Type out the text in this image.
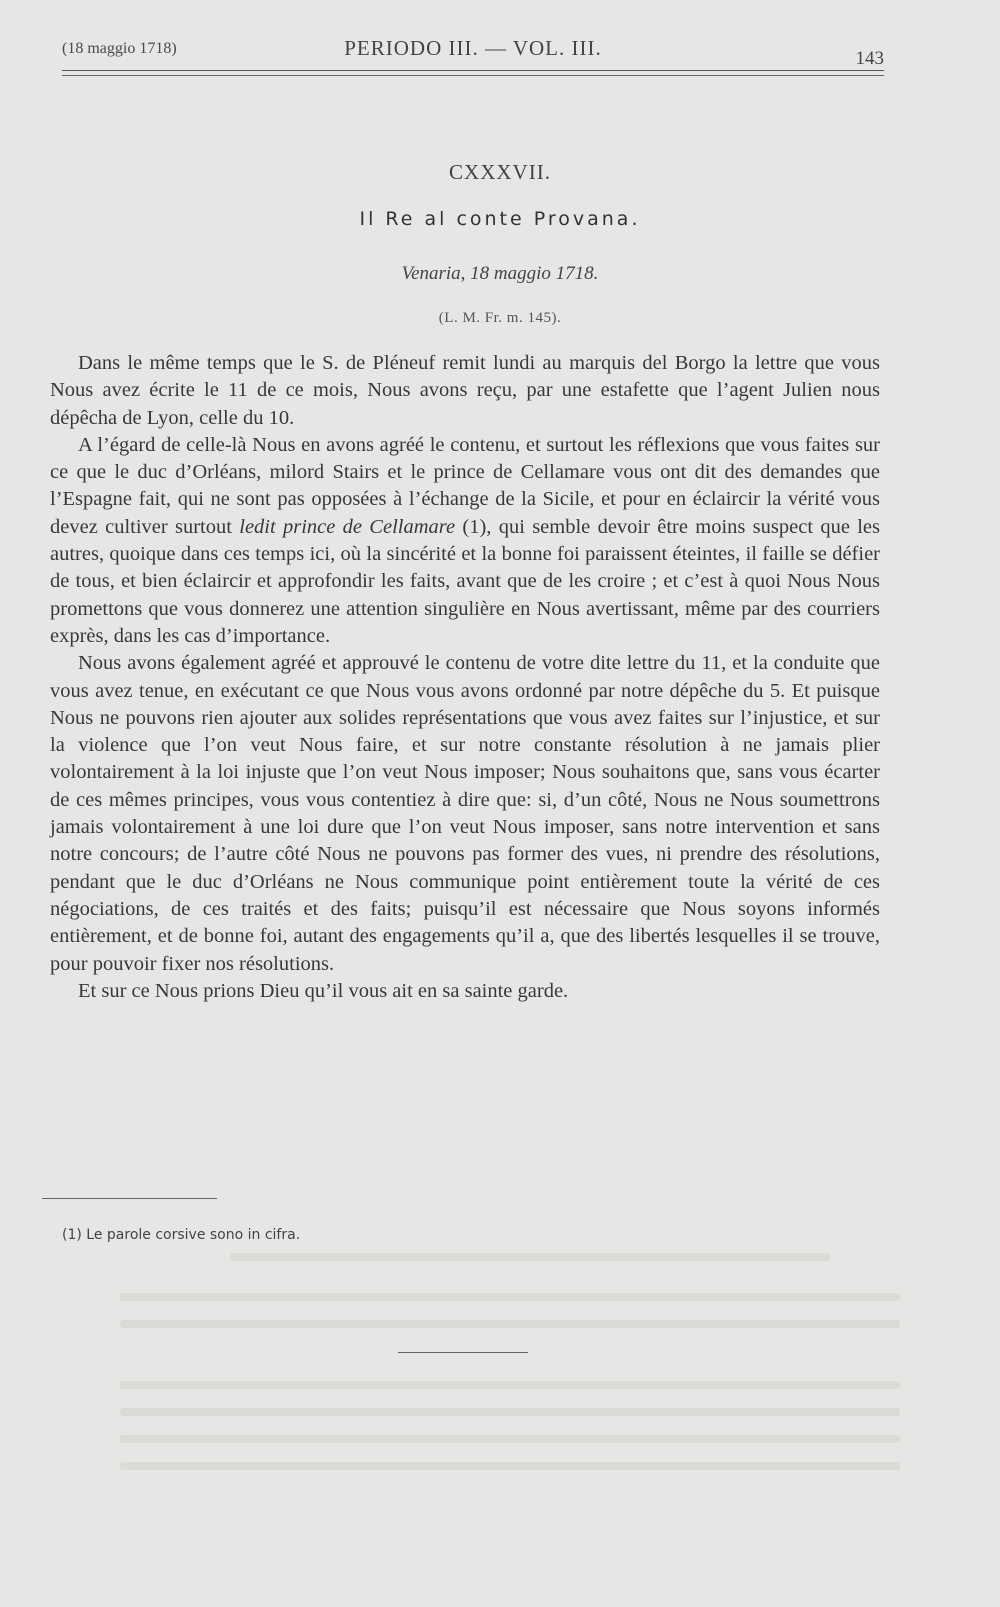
(18 maggio 1718)	PERIODO III. — VOL. III.	143
CXXXVII.
Il Re al conte Provana.
Venaria, 18 maggio 1718.
(L. M. Fr. m. 145).

Dans le même temps que le S. de Pléneuf remit lundi au marquis del Borgo la lettre que vous Nous avez écrite le 11 de ce mois, Nous avons reçu, par une estafette que l’agent Julien nous dépêcha de Lyon, celle du 10.

A l’égard de celle-là Nous en avons agréé le contenu, et surtout les réflexions que vous faites sur ce que le duc d’Orléans, milord Stairs et le prince de Cellamare vous ont dit des demandes que l’Espagne fait, qui ne sont pas opposées à l’échange de la Sicile, et pour en éclaircir la vérité vous devez cultiver surtout ledit prince de Cellamare (1), qui semble devoir être moins suspect que les autres, quoique dans ces temps ici, où la sincérité et la bonne foi paraissent éteintes, il faille se défier de tous, et bien éclaircir et approfondir les faits, avant que de les croire ; et c’est à quoi Nous Nous promettons que vous donnerez une attention singulière en Nous avertissant, même par des courriers exprès, dans les cas d’importance.

Nous avons également agréé et approuvé le contenu de votre dite lettre du 11, et la conduite que vous avez tenue, en exécutant ce que Nous vous avons ordonné par notre dépêche du 5. Et puisque Nous ne pouvons rien ajouter aux solides représentations que vous avez faites sur l’injustice, et sur la violence que l’on veut Nous faire, et sur notre constante résolution à ne jamais plier volontairement à la loi injuste que l’on veut Nous imposer; Nous souhaitons que, sans vous écarter de ces mêmes principes, vous vous contentiez à dire que: si, d’un côté, Nous ne Nous soumettrons jamais volontairement à une loi dure que l’on veut Nous imposer, sans notre intervention et sans notre concours; de l’autre côté Nous ne pouvons pas former des vues, ni prendre des résolutions, pendant que le duc d’Orléans ne Nous communique point entièrement toute la vérité de ces négociations, de ces traités et des faits; puisqu’il est nécessaire que Nous soyons informés entièrement, et de bonne foi, autant des engagements qu’il a, que des libertés lesquelles il se trouve, pour pouvoir fixer nos résolutions.

Et sur ce Nous prions Dieu qu’il vous ait en sa sainte garde.

(1) Le parole corsive sono in cifra.
